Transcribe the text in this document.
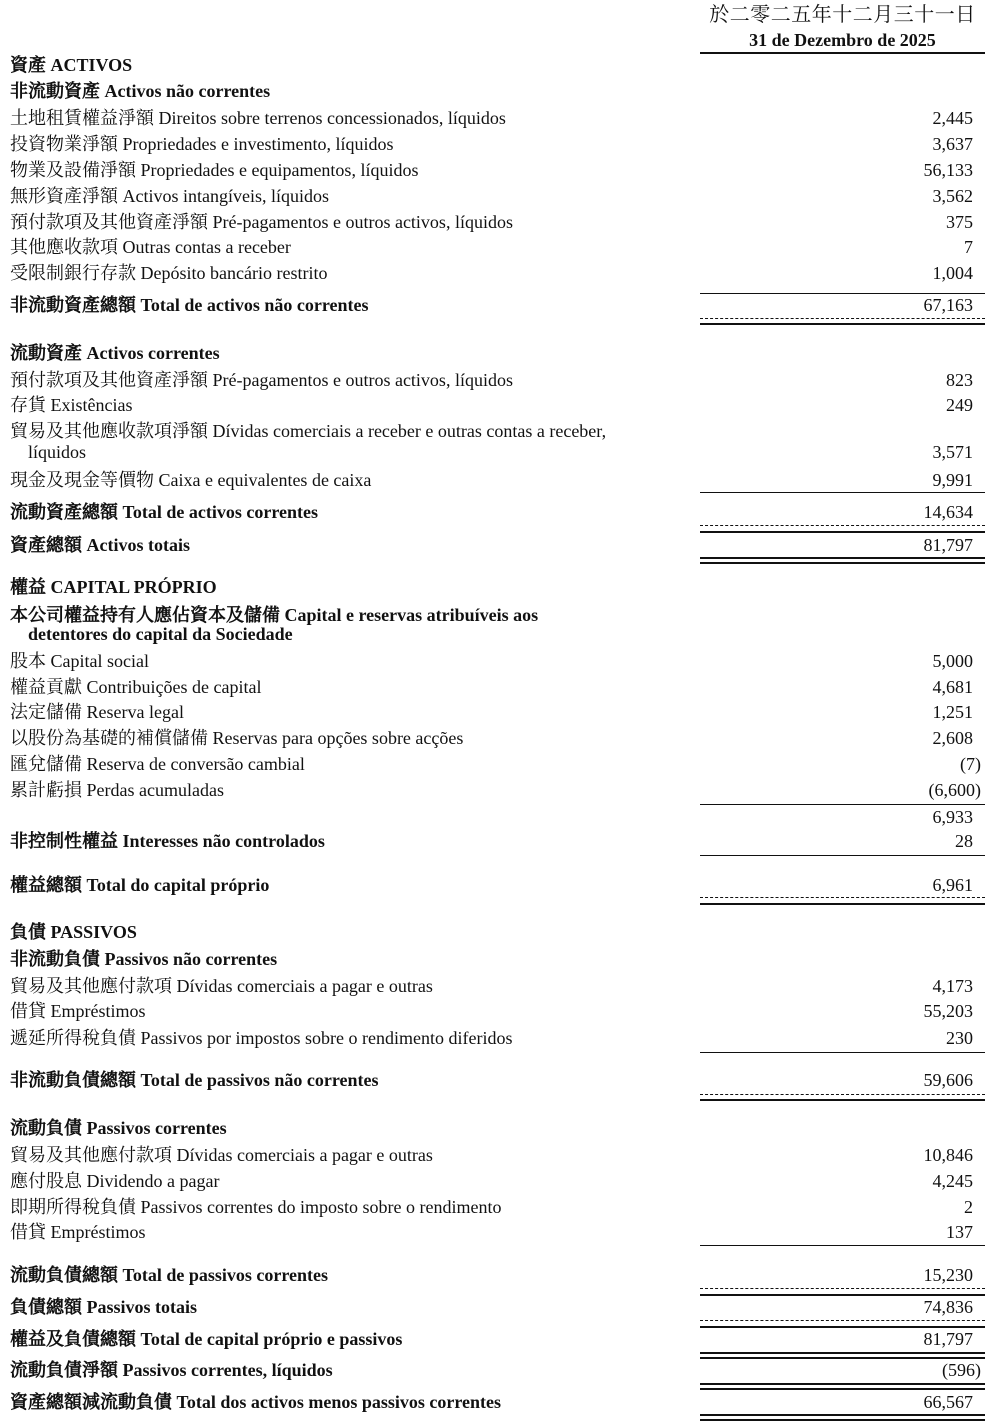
於二零二五年十二月三十一日
31 de Dezembro de 2025
資產 ACTIVOS
非流動資產 Activos não correntes
土地租賃權益淨額 Direitos sobre terrenos concessionados, líquidos	2,445
投資物業淨額 Propriedades e investimento, líquidos	3,637
物業及設備淨額 Propriedades e equipamentos, líquidos	56,133
無形資產淨額 Activos intangíveis, líquidos	3,562
預付款項及其他資產淨額 Pré-pagamentos e outros activos, líquidos	375
其他應收款項 Outras contas a receber	7
受限制銀行存款 Depósito bancário restrito	1,004
非流動資產總額 Total de activos não correntes	67,163
流動資產 Activos correntes
預付款項及其他資產淨額 Pré-pagamentos e outros activos, líquidos	823
存貨 Existências	249
貿易及其他應收款項淨額 Dívidas comerciais a receber e outras contas a receber,
líquidos	3,571
現金及現金等價物 Caixa e equivalentes de caixa	9,991
流動資產總額 Total de activos correntes	14,634
資產總額 Activos totais	81,797
權益 CAPITAL PRÓPRIO
本公司權益持有人應佔資本及儲備 Capital e reservas atribuíveis aos
detentores do capital da Sociedade
股本 Capital social	5,000
權益貢獻 Contribuições de capital	4,681
法定儲備 Reserva legal	1,251
以股份為基礎的補償儲備 Reservas para opções sobre acções	2,608
匯兌儲備 Reserva de conversão cambial	(7)
累計虧損 Perdas acumuladas	(6,600)
6,933
非控制性權益 Interesses não controlados	28
權益總額 Total do capital próprio	6,961
負債 PASSIVOS
非流動負債 Passivos não correntes
貿易及其他應付款項 Dívidas comerciais a pagar e outras	4,173
借貸 Empréstimos	55,203
遞延所得稅負債 Passivos por impostos sobre o rendimento diferidos	230
非流動負債總額 Total de passivos não correntes	59,606
流動負債 Passivos correntes
貿易及其他應付款項 Dívidas comerciais a pagar e outras	10,846
應付股息 Dividendo a pagar	4,245
即期所得稅負債 Passivos correntes do imposto sobre o rendimento	2
借貸 Empréstimos	137
流動負債總額 Total de passivos correntes	15,230
負債總額 Passivos totais	74,836
權益及負債總額 Total de capital próprio e passivos	81,797
流動負債淨額 Passivos correntes, líquidos	(596)
資產總額減流動負債 Total dos activos menos passivos correntes	66,567
